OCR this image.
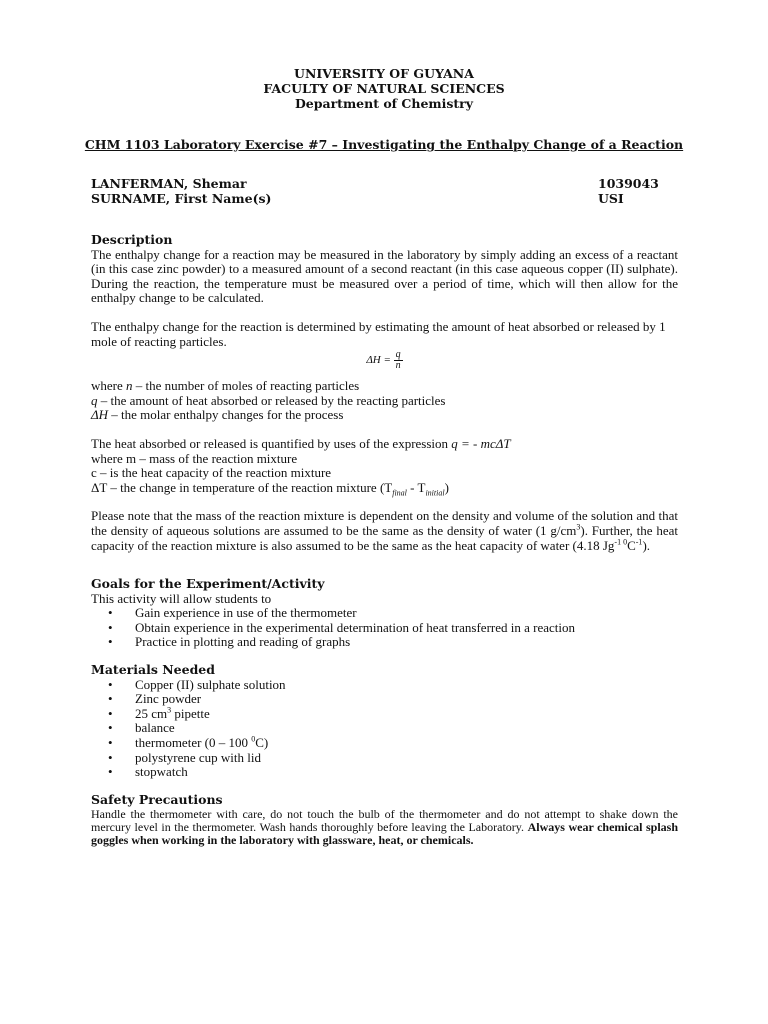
UNIVERSITY OF GUYANA
FACULTY OF NATURAL SCIENCES
Department of Chemistry
CHM 1103 Laboratory Exercise #7 – Investigating the Enthalpy Change of a Reaction
LANFERMAN, Shemar
SURNAME, First Name(s)
1039043
USI

Description

The enthalpy change for a reaction may be measured in the laboratory by simply adding an excess of a reactant (in this case zinc powder) to a measured amount of a second reactant (in this case aqueous copper (II) sulphate). During the reaction, the temperature must be measured over a period of time, which will then allow for the enthalpy change to be calculated.

The enthalpy change for the reaction is determined by estimating the amount of heat absorbed or released by 1 mole of reacting particles.

$\Delta H = \frac{q}{n}$

where n – the number of moles of reacting particles

q – the amount of heat absorbed or released by the reacting particles

ΔH – the molar enthalpy changes for the process

The heat absorbed or released is quantified by uses of the expression q = - mcΔT

where m – mass of the reaction mixture

c – is the heat capacity of the reaction mixture

ΔT – the change in temperature of the reaction mixture $(T_{final} - T_{initial})$

Please note that the mass of the reaction mixture is dependent on the density and volume of the solution and that the density of aqueous solutions are assumed to be the same as the density of water (1 $g/cm^3$). Further, the heat capacity of the reaction mixture is also assumed to be the same as the heat capacity of water (4.18 $Jg^{-1 0}C^{-1}$).

Goals for the Experiment/Activity

This activity will allow students to

• Gain experience in use of the thermometer
• Obtain experience in the experimental determination of heat transferred in a reaction
• Practice in plotting and reading of graphs

Materials Needed

• Copper (II) sulphate solution
• Zinc powder
• 25 $cm^3$ pipette
• balance
• thermometer (0 – 100 $^0$C)
• polystyrene cup with lid
• stopwatch

Safety Precautions

Handle the thermometer with care, do not touch the bulb of the thermometer and do not attempt to shake down the mercury level in the thermometer. Wash hands thoroughly before leaving the Laboratory. Always wear chemical splash goggles when working in the laboratory with glassware, heat, or chemicals.
